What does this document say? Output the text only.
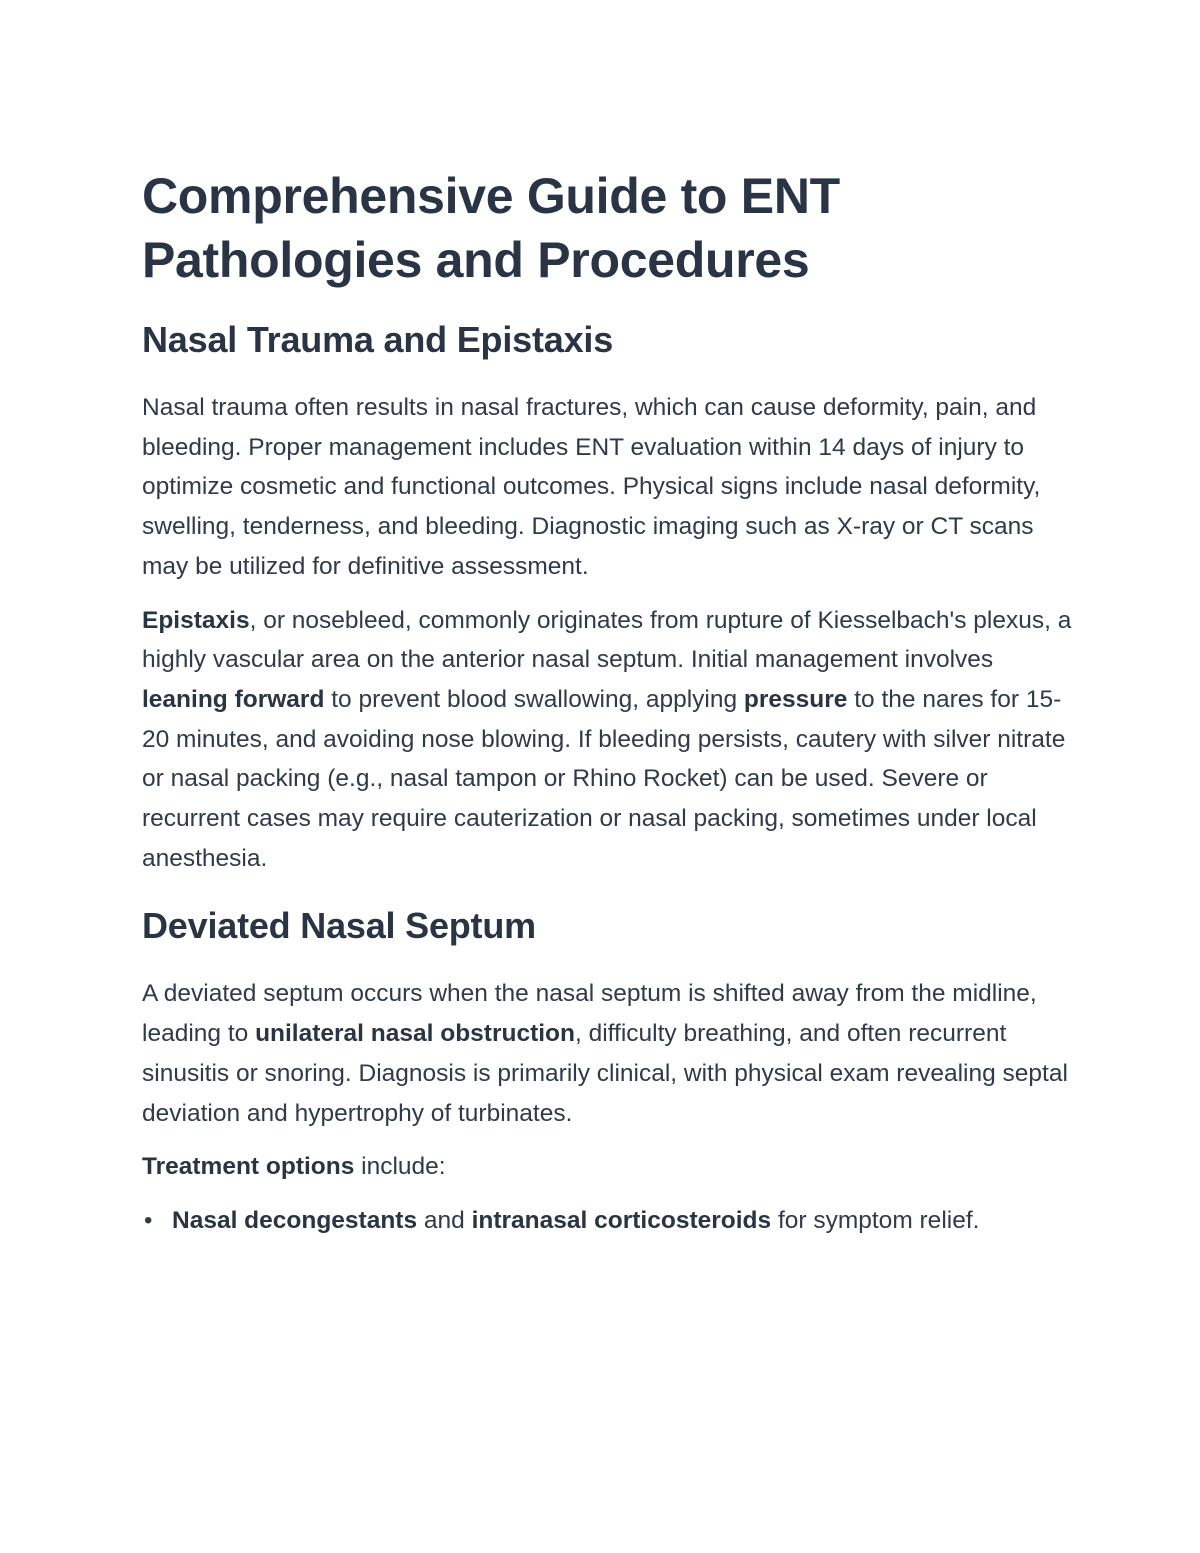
Comprehensive Guide to ENT
Pathologies and Procedures
Nasal Trauma and Epistaxis

Nasal trauma often results in nasal fractures, which can cause deformity, pain, and bleeding. Proper management includes ENT evaluation within 14 days of injury to optimize cosmetic and functional outcomes. Physical signs include nasal deformity, swelling, tenderness, and bleeding. Diagnostic imaging such as X-ray or CT scans may be utilized for definitive assessment.

Epistaxis, or nosebleed, commonly originates from rupture of Kiesselbach's plexus, a highly vascular area on the anterior nasal septum. Initial management involves leaning forward to prevent blood swallowing, applying pressure to the nares for 15-20 minutes, and avoiding nose blowing. If bleeding persists, cautery with silver nitrate or nasal packing (e.g., nasal tampon or Rhino Rocket) can be used. Severe or recurrent cases may require cauterization or nasal packing, sometimes under local anesthesia.

Deviated Nasal Septum

A deviated septum occurs when the nasal septum is shifted away from the midline, leading to unilateral nasal obstruction, difficulty breathing, and often recurrent sinusitis or snoring. Diagnosis is primarily clinical, with physical exam revealing septal deviation and hypertrophy of turbinates.

Treatment options include:

• Nasal decongestants and intranasal corticosteroids for symptom relief.
